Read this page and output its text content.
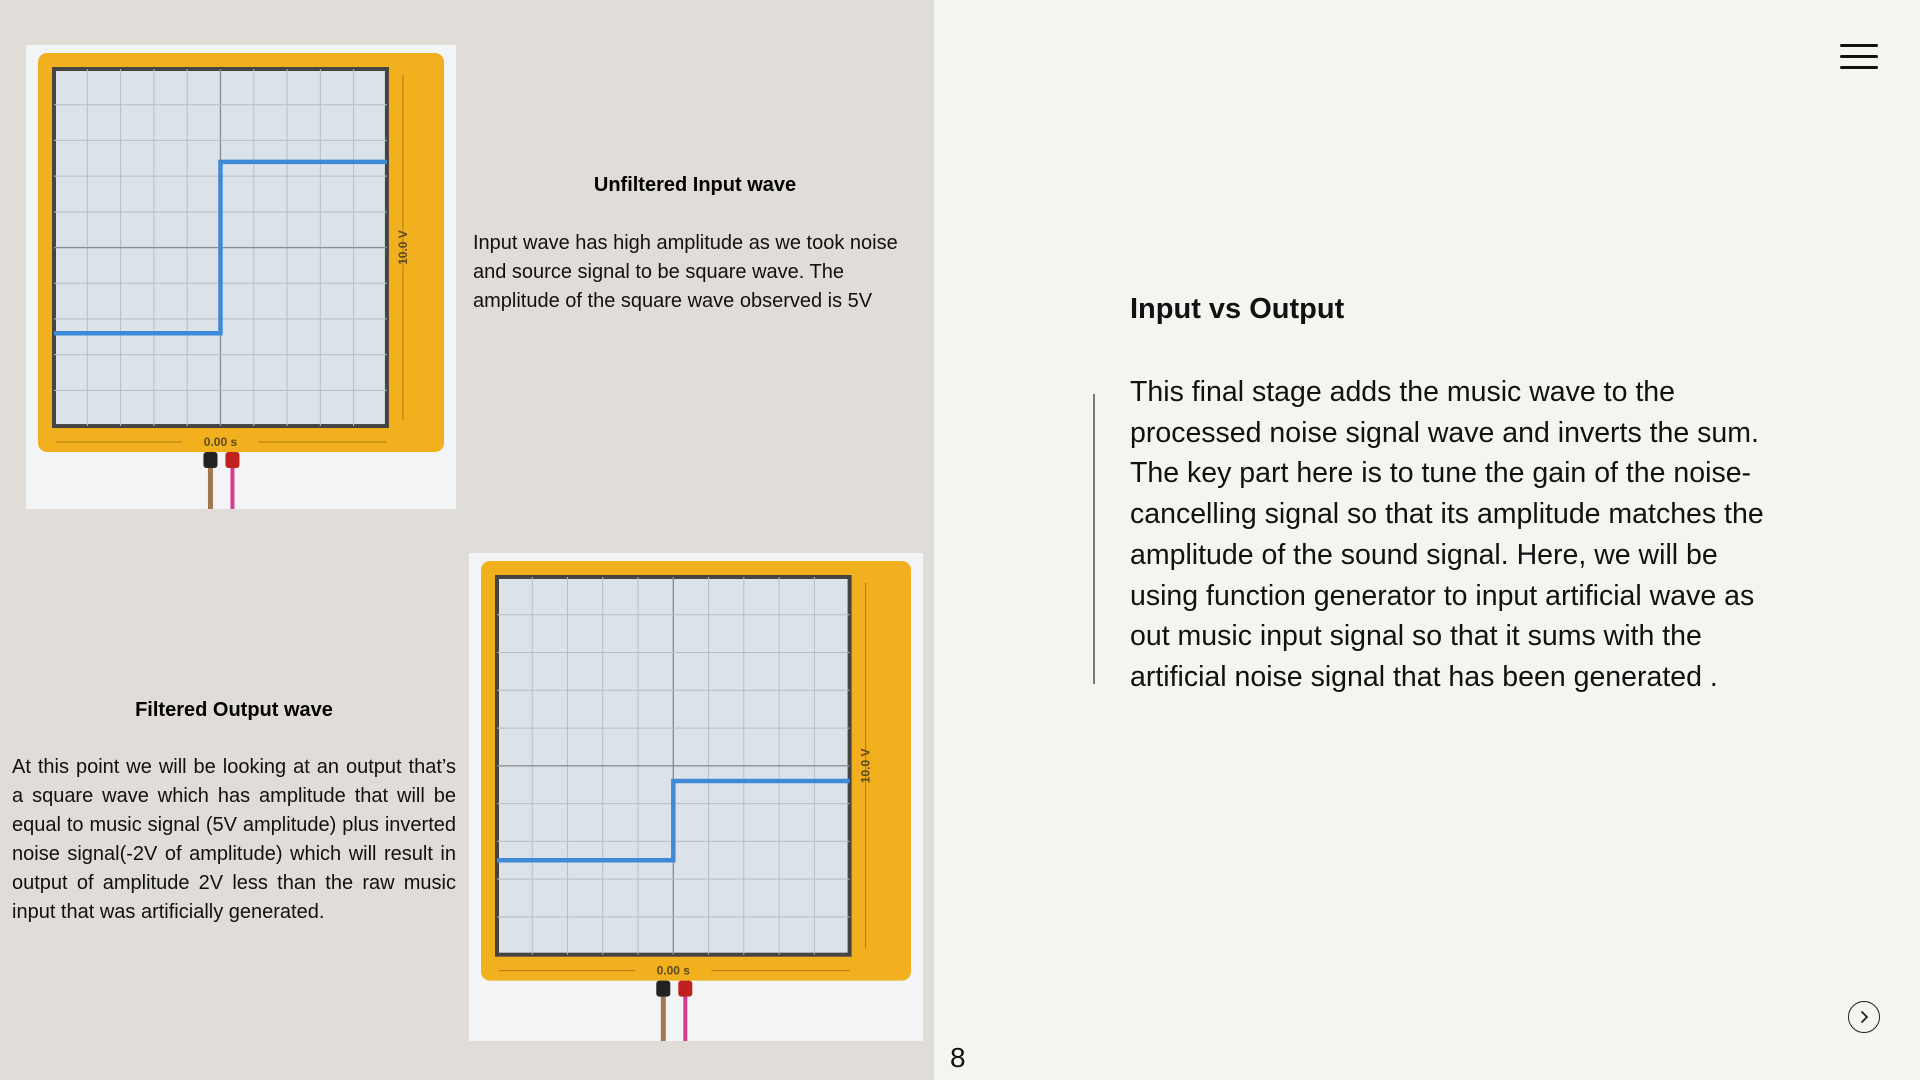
10.0 V
0.00 s
Unfiltered Input wave
Input wave has high amplitude as we took noise and source signal to be square wave. The amplitude of the square wave observed is 5V
10.0 V
0.00 s
Filtered Output wave
At this point we will be looking at an output that’s a square wave which has amplitude that will be equal to music signal (5V amplitude) plus inverted noise signal(-2V of amplitude) which will result in output of amplitude 2V less than the raw music input that was artificially generated.
8
Input vs Output
This final stage adds the music wave to the processed noise signal wave and inverts the sum. The key part here is to tune the gain of the noise-cancelling signal so that its amplitude matches the amplitude of the sound signal. Here, we will be using function generator to input artificial wave as out music input signal so that it sums with the artificial noise signal that has been generated .
